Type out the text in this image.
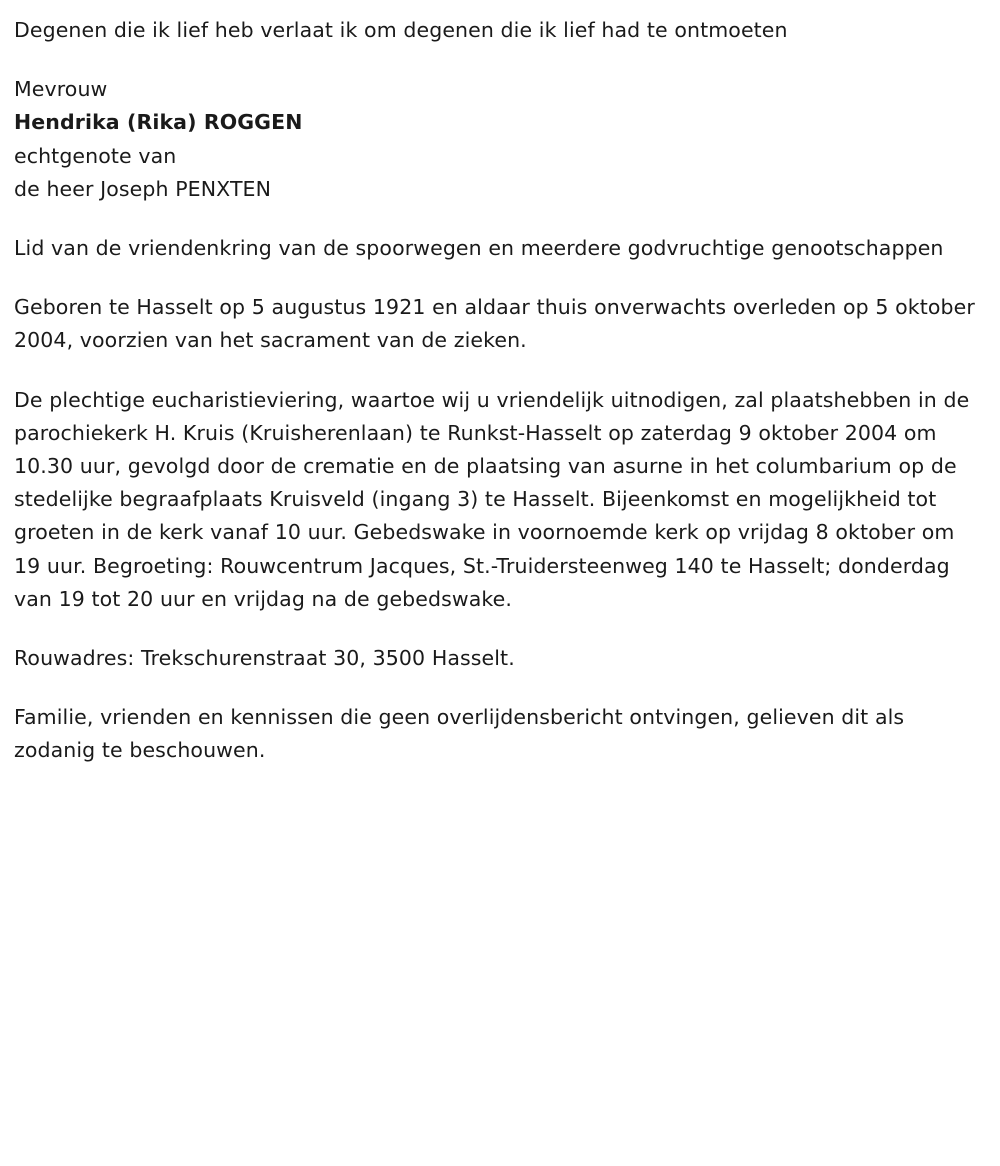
Degenen die ik lief heb verlaat ik om degenen die ik lief had te ontmoeten

Mevrouw

Hendrika (Rika) ROGGEN

echtgenote van

de heer Joseph PENXTEN

Lid van de vriendenkring van de spoorwegen en meerdere godvruchtige genootschappen

Geboren te Hasselt op 5 augustus 1921 en aldaar thuis onverwachts overleden op 5 oktober 2004, voorzien van het sacrament van de zieken.

De plechtige eucharistieviering, waartoe wij u vriendelijk uitnodigen, zal plaatshebben in de parochiekerk H. Kruis (Kruisherenlaan) te Runkst-Hasselt op zaterdag 9 oktober 2004 om 10.30 uur, gevolgd door de crematie en de plaatsing van asurne in het columbarium op de stedelijke begraafplaats Kruisveld (ingang 3) te Hasselt. Bijeenkomst en mogelijkheid tot groeten in de kerk vanaf 10 uur. Gebedswake in voornoemde kerk op vrijdag 8 oktober om 19 uur. Begroeting: Rouwcentrum Jacques, St.-Truidersteenweg 140 te Hasselt; donderdag van 19 tot 20 uur en vrijdag na de gebedswake.

Rouwadres: Trekschurenstraat 30, 3500 Hasselt.

Familie, vrienden en kennissen die geen overlijdensbericht ontvingen, gelieven dit als zodanig te beschouwen.
